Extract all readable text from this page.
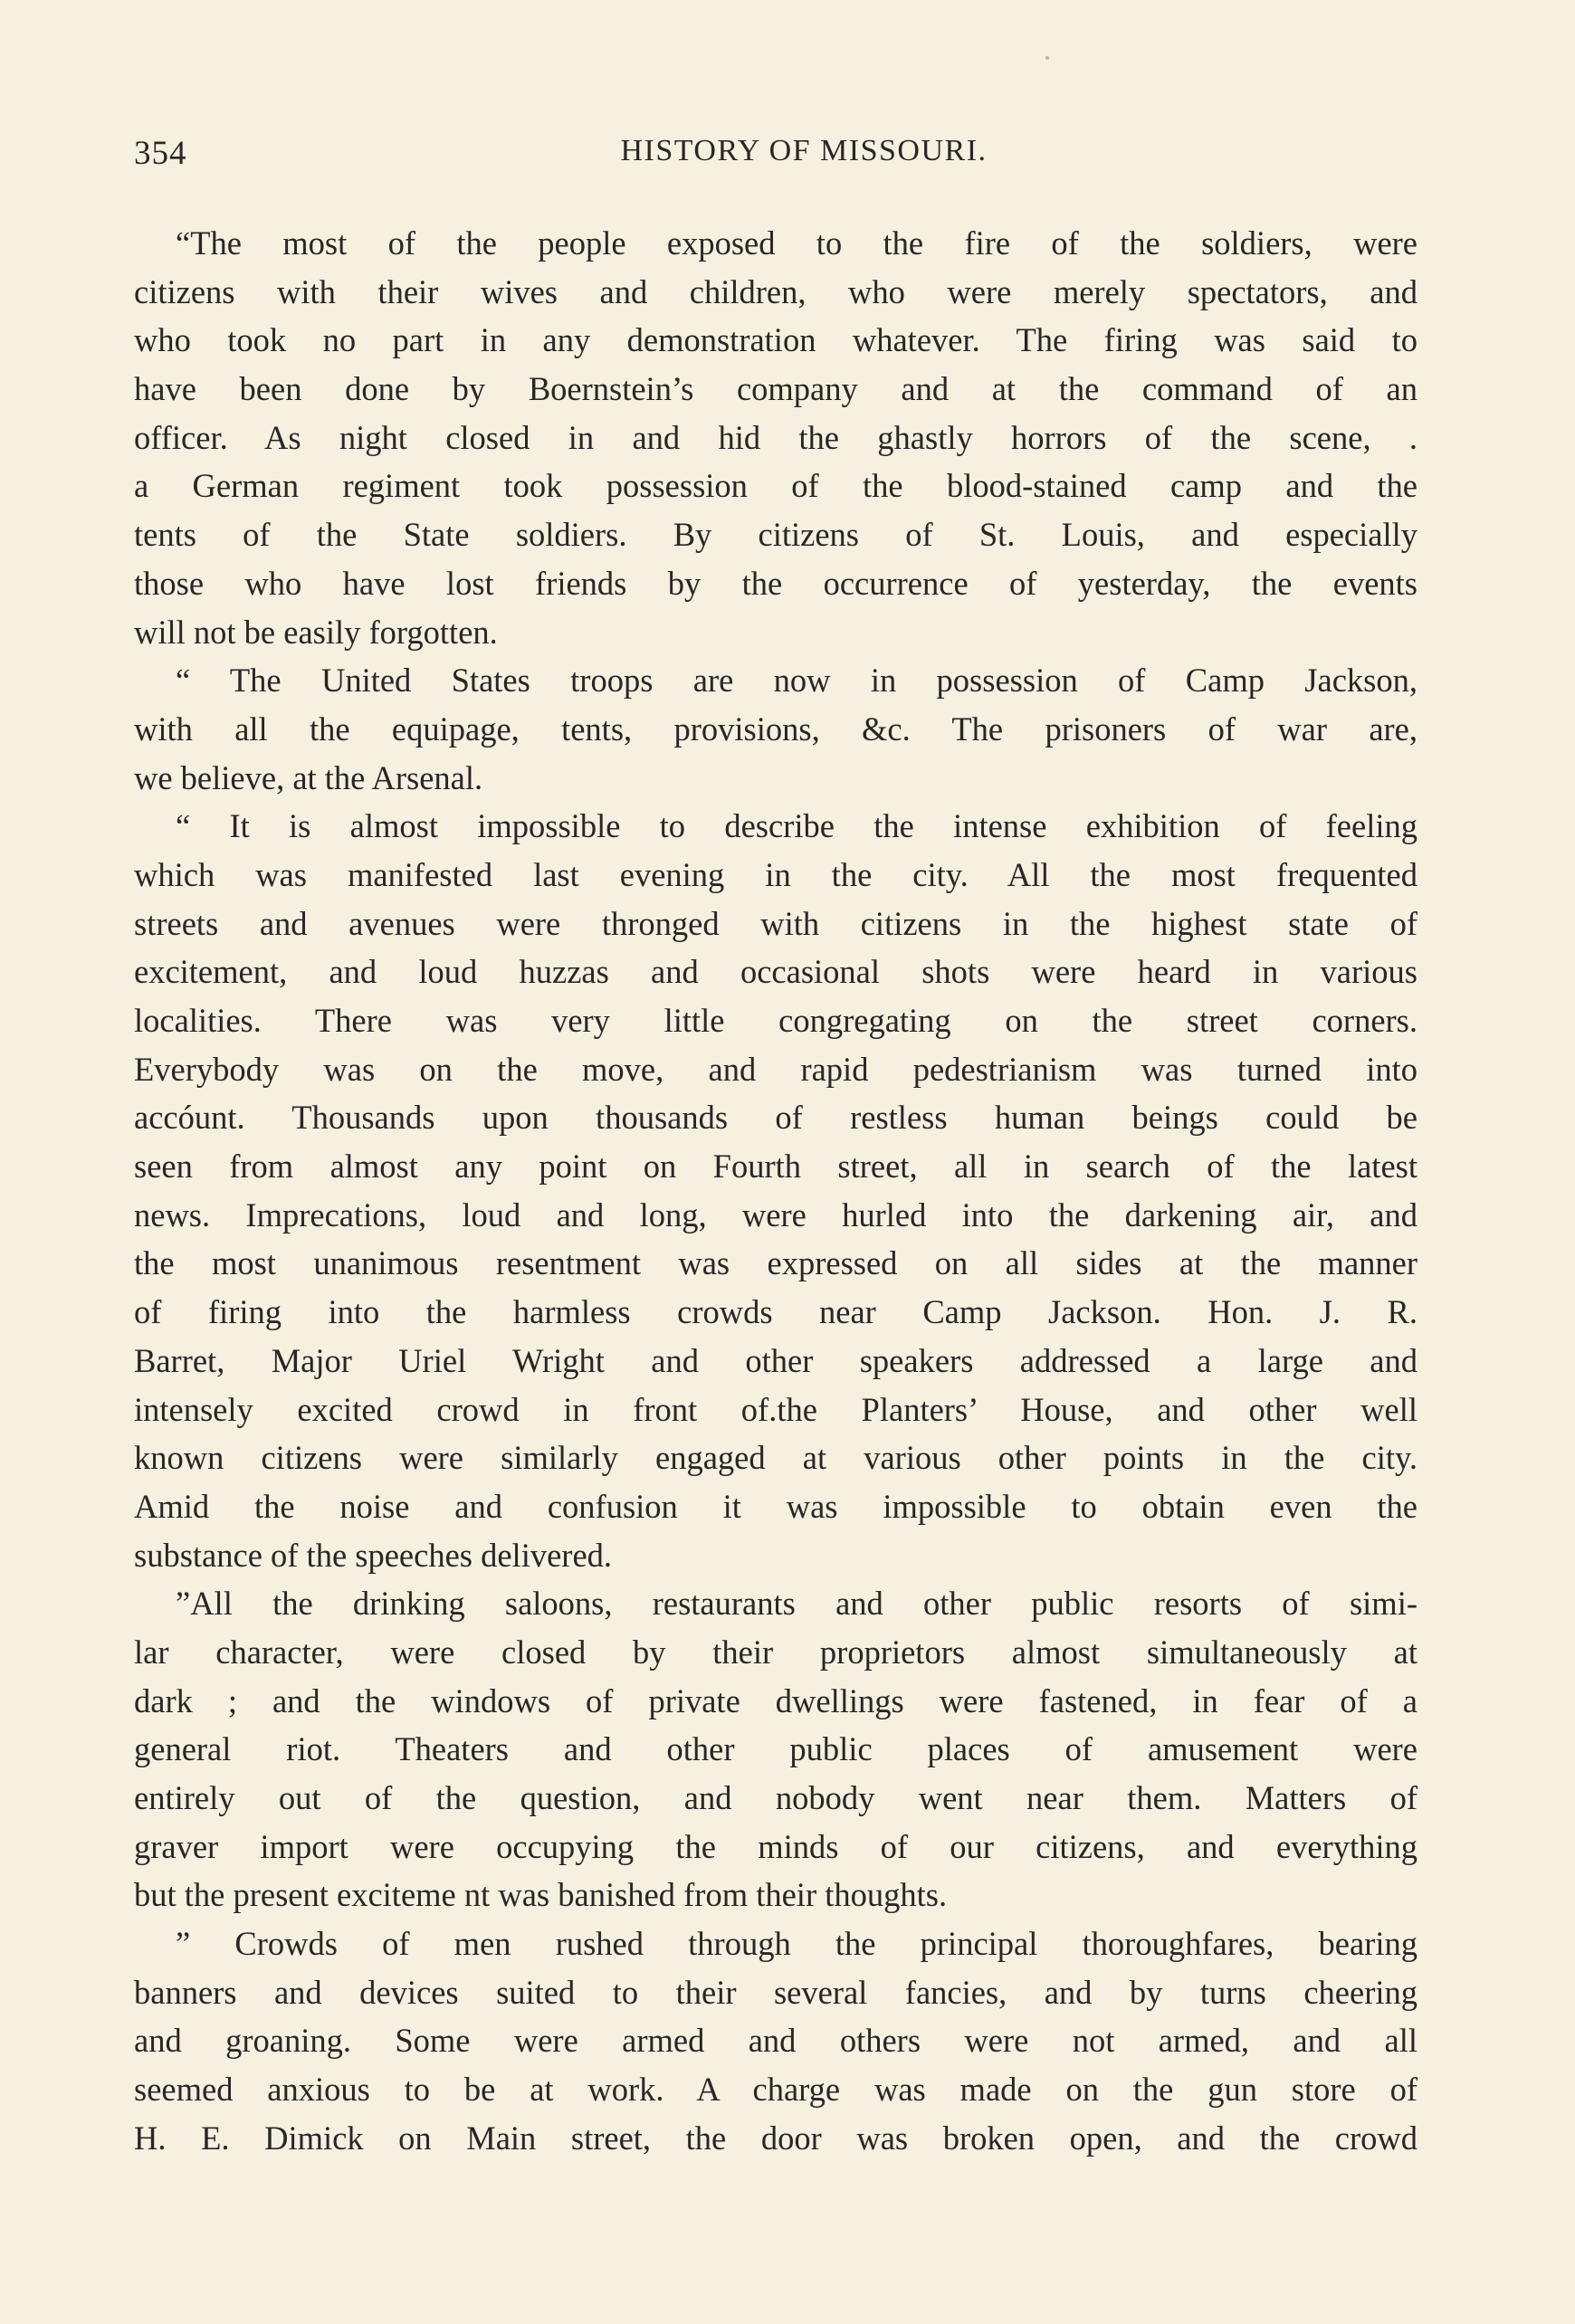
354	HISTORY OF MISSOURI.
“The most of the people exposed to the fire of the soldiers, were
citizens with their wives and children, who were merely spectators, and
who took no part in any demonstration whatever. The firing was said to
have been done by Boernstein’s company and at the command of an
officer. As night closed in and hid the ghastly horrors of the scene, .
a German regiment took possession of the blood-stained camp and the
tents of the State soldiers. By citizens of St. Louis, and especially
those who have lost friends by the occurrence of yesterday, the events
will not be easily forgotten.
“ The United States troops are now in possession of Camp Jackson,
with all the equipage, tents, provisions, &c. The prisoners of war are,
we believe, at the Arsenal.
“ It is almost impossible to describe the intense exhibition of feeling
which was manifested last evening in the city. All the most frequented
streets and avenues were thronged with citizens in the highest state of
excitement, and loud huzzas and occasional shots were heard in various
localities. There was very little congregating on the street corners.
Everybody was on the move, and rapid pedestrianism was turned into
accóunt. Thousands upon thousands of restless human beings could be
seen from almost any point on Fourth street, all in search of the latest
news. Imprecations, loud and long, were hurled into the darkening air, and
the most unanimous resentment was expressed on all sides at the manner
of firing into the harmless crowds near Camp Jackson. Hon. J. R.
Barret, Major Uriel Wright and other speakers addressed a large and
intensely excited crowd in front of.the Planters’ House, and other well
known citizens were similarly engaged at various other points in the city.
Amid the noise and confusion it was impossible to obtain even the
substance of the speeches delivered.
”All the drinking saloons, restaurants and other public resorts of simi-
lar character, were closed by their proprietors almost simultaneously at
dark ; and the windows of private dwellings were fastened, in fear of a
general riot. Theaters and other public places of amusement were
entirely out of the question, and nobody went near them. Matters of
graver import were occupying the minds of our citizens, and everything
but the present exciteme nt was banished from their thoughts.
” Crowds of men rushed through the principal thoroughfares, bearing
banners and devices suited to their several fancies, and by turns cheering
and groaning. Some were armed and others were not armed, and all
seemed anxious to be at work. A charge was made on the gun store of
H. E. Dimick on Main street, the door was broken open, and the crowd
